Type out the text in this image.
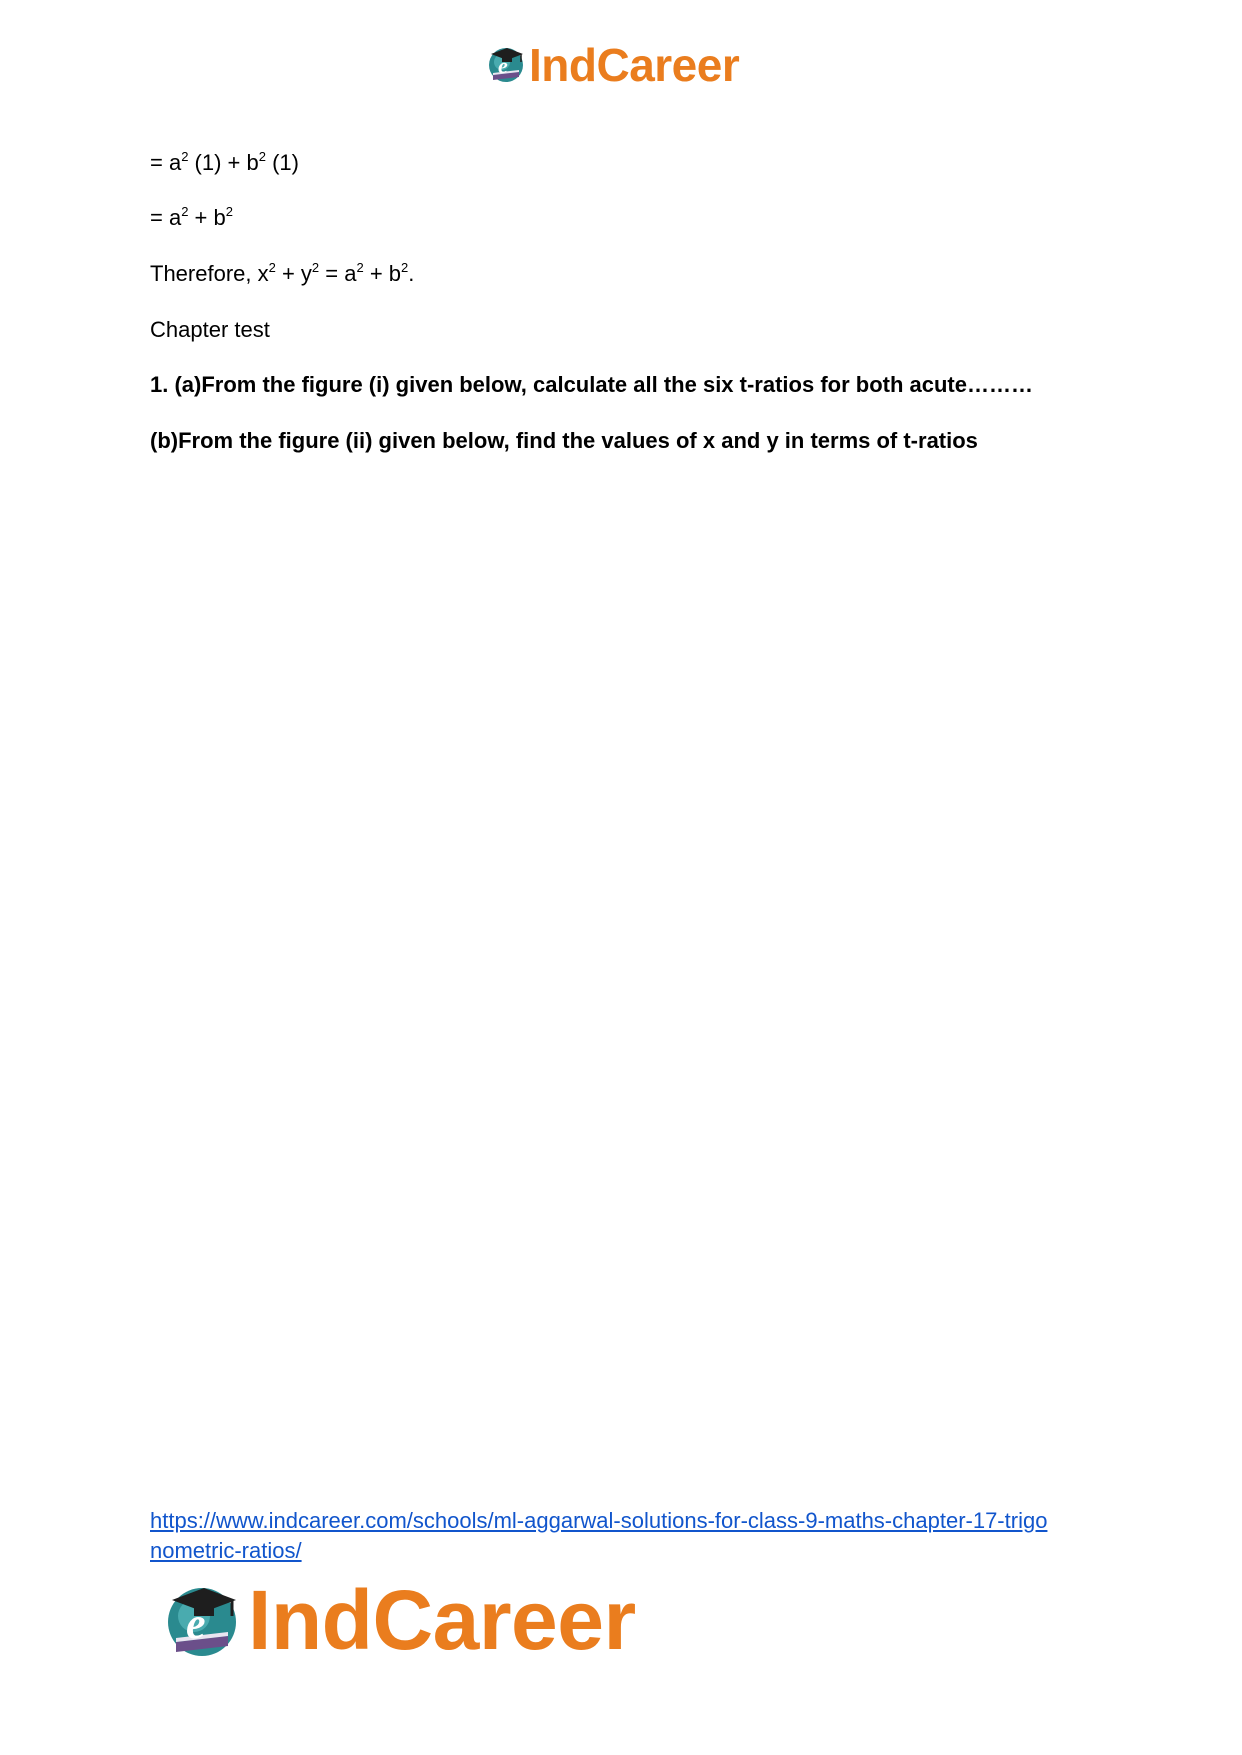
e IndCareer
= $a^2$ $(1) + b^2$ (1)
= $a^2 + b^2$
Therefore, $x^2 + y^2 = a^2 + b^2$.
Chapter test
1. (a)From the figure (i) given below, calculate all the six t-ratios for both acute………
(b)From the figure (ii) given below, find the values of x and y in terms of t-ratios
https://www.indcareer.com/schools/ml-aggarwal-solutions-for-class-9-maths-chapter-17-trigo
nometric-ratios/
e IndCareer
